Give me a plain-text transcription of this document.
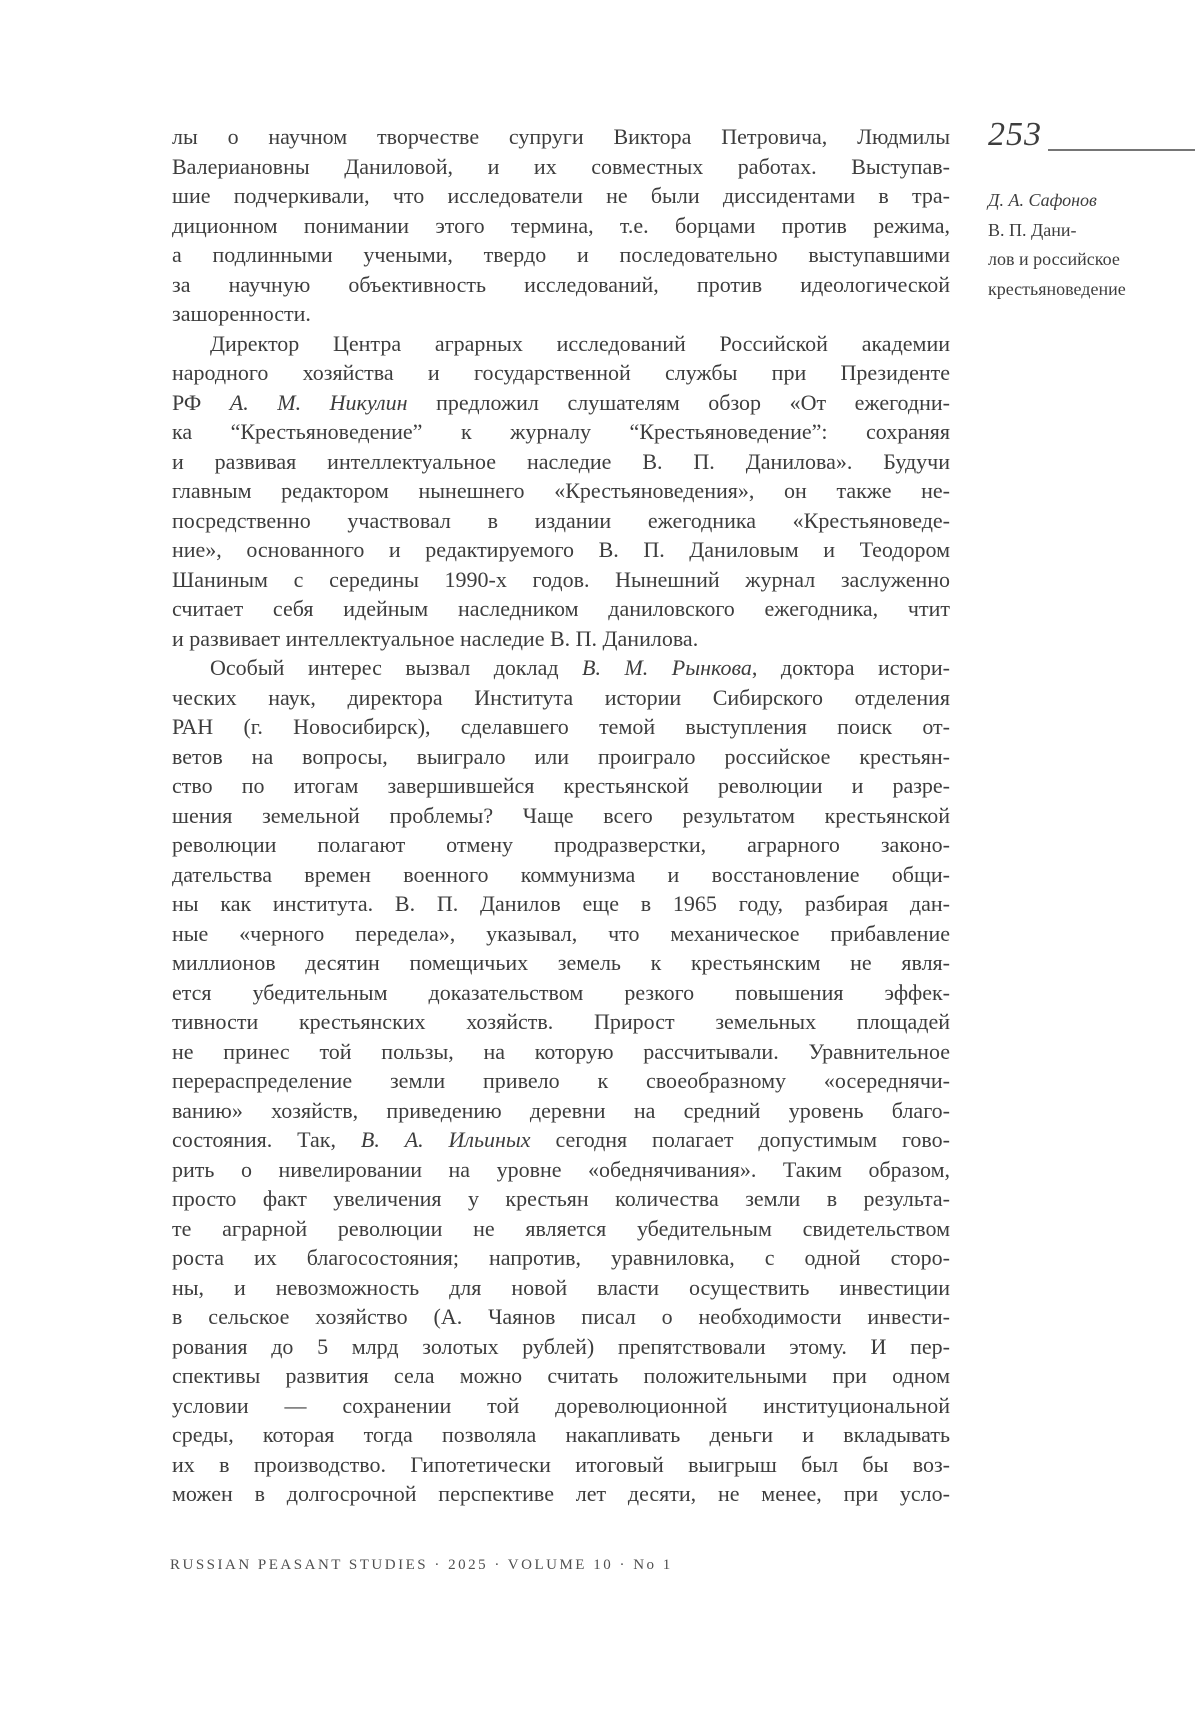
лы о научном творчестве супруги Виктора Петровича, Людмилы
Валериановны Даниловой, и их совместных работах. Выступав-
шие подчеркивали, что исследователи не были диссидентами в тра-
диционном понимании этого термина, т.е. борцами против режима,
а подлинными учеными, твердо и последовательно выступавшими
за научную объективность исследований, против идеологической
зашоренности.
Директор Центра аграрных исследований Российской академии
народного хозяйства и государственной службы при Президенте
РФ А. М. Никулин предложил слушателям обзор «От ежегодни-
ка “Крестьяноведение” к журналу “Крестьяноведение”: сохраняя
и развивая интеллектуальное наследие В. П. Данилова». Будучи
главным редактором нынешнего «Крестьяноведения», он также не-
посредственно участвовал в издании ежегодника «Крестьяноведе-
ние», основанного и редактируемого В. П. Даниловым и Теодором
Шаниным с середины 1990-х годов. Нынешний журнал заслуженно
считает себя идейным наследником даниловского ежегодника, чтит
и развивает интеллектуальное наследие В. П. Данилова.
Особый интерес вызвал доклад В. М. Рынкова, доктора истори-
ческих наук, директора Института истории Сибирского отделения
РАН (г. Новосибирск), сделавшего темой выступления поиск от-
ветов на вопросы, выиграло или проиграло российское крестьян-
ство по итогам завершившейся крестьянской революции и разре-
шения земельной проблемы? Чаще всего результатом крестьянской
революции полагают отмену продразверстки, аграрного законо-
дательства времен военного коммунизма и восстановление общи-
ны как института. В. П. Данилов еще в 1965 году, разбирая дан-
ные «черного передела», указывал, что механическое прибавление
миллионов десятин помещичьих земель к крестьянским не явля-
ется убедительным доказательством резкого повышения эффек-
тивности крестьянских хозяйств. Прирост земельных площадей
не принес той пользы, на которую рассчитывали. Уравнительное
перераспределение земли привело к своеобразному «осереднячи-
ванию» хозяйств, приведению деревни на средний уровень благо-
состояния. Так, В. А. Ильиных сегодня полагает допустимым гово-
рить о нивелировании на уровне «обеднячивания». Таким образом,
просто факт увеличения у крестьян количества земли в результа-
те аграрной революции не является убедительным свидетельством
роста их благосостояния; напротив, уравниловка, с одной сторо-
ны, и невозможность для новой власти осуществить инвестиции
в сельское хозяйство (А. Чаянов писал о необходимости инвести-
рования до 5 млрд золотых рублей) препятствовали этому. И пер-
спективы развития села можно считать положительными при одном
условии — сохранении той дореволюционной институциональной
среды, которая тогда позволяла накапливать деньги и вкладывать
их в производство. Гипотетически итоговый выигрыш был бы воз-
можен в долгосрочной перспективе лет десяти, не менее, при усло-
253
Д. А. Сафонов
В. П. Дани-
лов и российское
крестьяноведение
RUSSIAN PEASANT STUDIES · 2025 · VOLUME 10 · No 1
